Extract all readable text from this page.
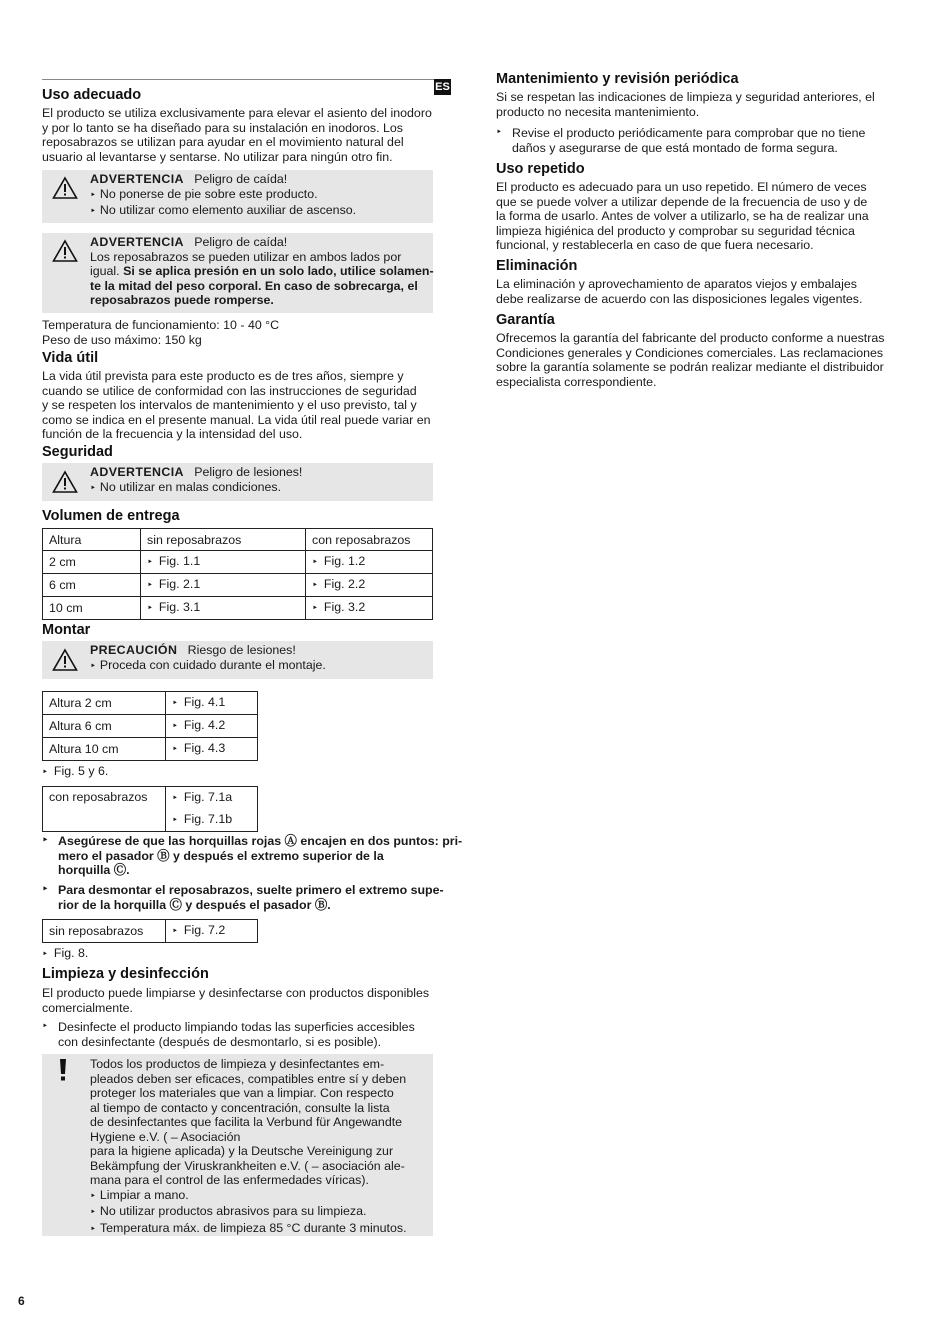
ES
Uso adecuado
El producto se utiliza exclusivamente para elevar el asiento del inodoro
y por lo tanto se ha diseñado para su instalación en inodoros. Los
reposabrazos se utilizan para ayudar en el movimiento natural del
usuario al levantarse y sentarse. No utilizar para ningún otro fin.
ADVERTENCIA Peligro de caída!
‣ No ponerse de pie sobre este producto.
‣ No utilizar como elemento auxiliar de ascenso.
ADVERTENCIA Peligro de caída!
Los reposabrazos se pueden utilizar en ambos lados por
igual. Si se aplica presión en un solo lado, utilice solamen-
te la mitad del peso corporal. En caso de sobrecarga, el
reposabrazos puede romperse.
Temperatura de funcionamiento: 10 - 40 °C
Peso de uso máximo: 150 kg
Vida útil
La vida útil prevista para este producto es de tres años, siempre y
cuando se utilice de conformidad con las instrucciones de seguridad
y se respeten los intervalos de mantenimiento y el uso previsto, tal y
como se indica en el presente manual. La vida útil real puede variar en
función de la frecuencia y la intensidad del uso.
Seguridad
ADVERTENCIA Peligro de lesiones!
‣ No utilizar en malas condiciones.
Volumen de entrega
Altura	sin reposabrazos	con reposabrazos
2 cm	‣ Fig. 1.1	‣ Fig. 1.2
6 cm	‣ Fig. 2.1	‣ Fig. 2.2
10 cm	‣ Fig. 3.1	‣ Fig. 3.2
Montar
PRECAUCIÓN Riesgo de lesiones!
‣ Proceda con cuidado durante el montaje.
Altura 2 cm	‣ Fig. 4.1
Altura 6 cm	‣ Fig. 4.2
Altura 10 cm	‣ Fig. 4.3
‣ Fig. 5 y 6.
con reposabrazos	‣ Fig. 7.1a
‣ Fig. 7.1b
‣ Asegúrese de que las horquillas rojas Ⓐ encajen en dos puntos: pri-
mero el pasador Ⓑ y después el extremo superior de la
horquilla Ⓒ.
‣ Para desmontar el reposabrazos, suelte primero el extremo supe-
rior de la horquilla Ⓒ y después el pasador Ⓑ.
sin reposabrazos	‣ Fig. 7.2
‣ Fig. 8.
Limpieza y desinfección
El producto puede limpiarse y desinfectarse con productos disponibles
comercialmente.
‣ Desinfecte el producto limpiando todas las superficies accesibles
con desinfectante (después de desmontarlo, si es posible).
Todos los productos de limpieza y desinfectantes em-
pleados deben ser eficaces, compatibles entre sí y deben
proteger los materiales que van a limpiar. Con respecto
al tiempo de contacto y concentración, consulte la lista
de desinfectantes que facilita la Verbund für Angewandte
Hygiene e.V. ( – Asociación
para la higiene aplicada) y la Deutsche Vereinigung zur
Bekämpfung der Viruskrankheiten e.V. ( – asociación ale-
mana para el control de las enfermedades víricas).
‣ Limpiar a mano.
‣ No utilizar productos abrasivos para su limpieza.
‣ Temperatura máx. de limpieza 85 °C durante 3 minutos.
Mantenimiento y revisión periódica
Si se respetan las indicaciones de limpieza y seguridad anteriores, el
producto no necesita mantenimiento.
‣ Revise el producto periódicamente para comprobar que no tiene
daños y asegurarse de que está montado de forma segura.
Uso repetido
El producto es adecuado para un uso repetido. El número de veces
que se puede volver a utilizar depende de la frecuencia de uso y de
la forma de usarlo. Antes de volver a utilizarlo, se ha de realizar una
limpieza higiénica del producto y comprobar su seguridad técnica
funcional, y restablecerla en caso de que fuera necesario.
Eliminación
La eliminación y aprovechamiento de aparatos viejos y embalajes
debe realizarse de acuerdo con las disposiciones legales vigentes.
Garantía
Ofrecemos la garantía del fabricante del producto conforme a nuestras
Condiciones generales y Condiciones comerciales. Las reclamaciones
sobre la garantía solamente se podrán realizar mediante el distribuidor
especialista correspondiente.
6
